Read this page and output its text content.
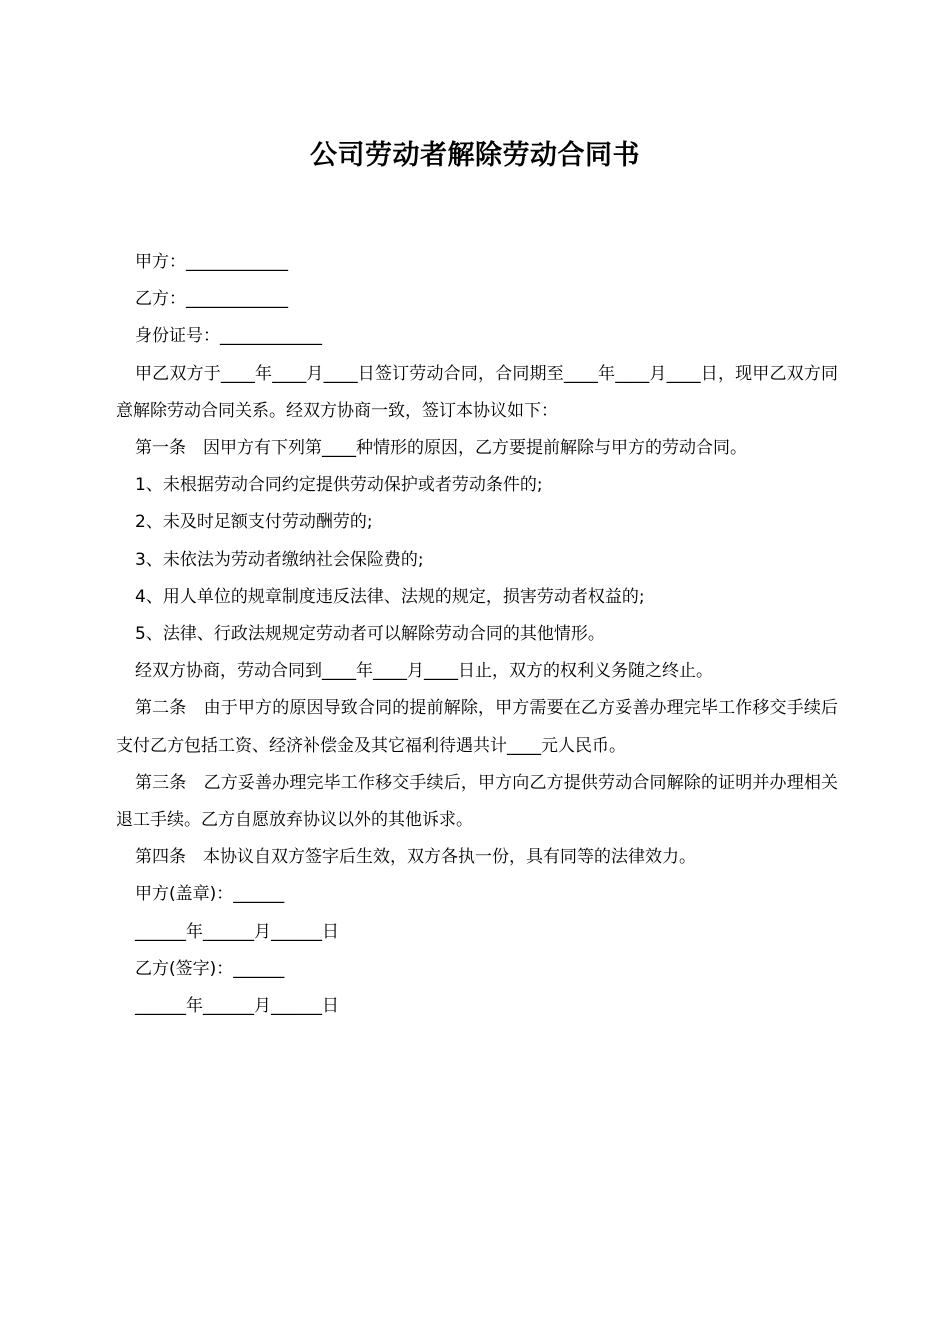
公司劳动者解除劳动合同书

甲方：____________

乙方：____________

身份证号：____________

甲乙双方于____年____月____日签订劳动合同，合同期至____年____月____日，现甲乙双方同意解除劳动合同关系。经双方协商一致，签订本协议如下：

第一条　因甲方有下列第____种情形的原因，乙方要提前解除与甲方的劳动合同。

1、未根据劳动合同约定提供劳动保护或者劳动条件的;

2、未及时足额支付劳动酬劳的;

3、未依法为劳动者缴纳社会保险费的;

4、用人单位的规章制度违反法律、法规的规定，损害劳动者权益的;

5、法律、行政法规规定劳动者可以解除劳动合同的其他情形。

经双方协商，劳动合同到____年____月____日止，双方的权利义务随之终止。

第二条　由于甲方的原因导致合同的提前解除，甲方需要在乙方妥善办理完毕工作移交手续后支付乙方包括工资、经济补偿金及其它福利待遇共计____元人民币。

第三条　乙方妥善办理完毕工作移交手续后，甲方向乙方提供劳动合同解除的证明并办理相关退工手续。乙方自愿放弃协议以外的其他诉求。

第四条　本协议自双方签字后生效，双方各执一份，具有同等的法律效力。

甲方(盖章)：______

______年______月______日

乙方(签字)：______

______年______月______日
